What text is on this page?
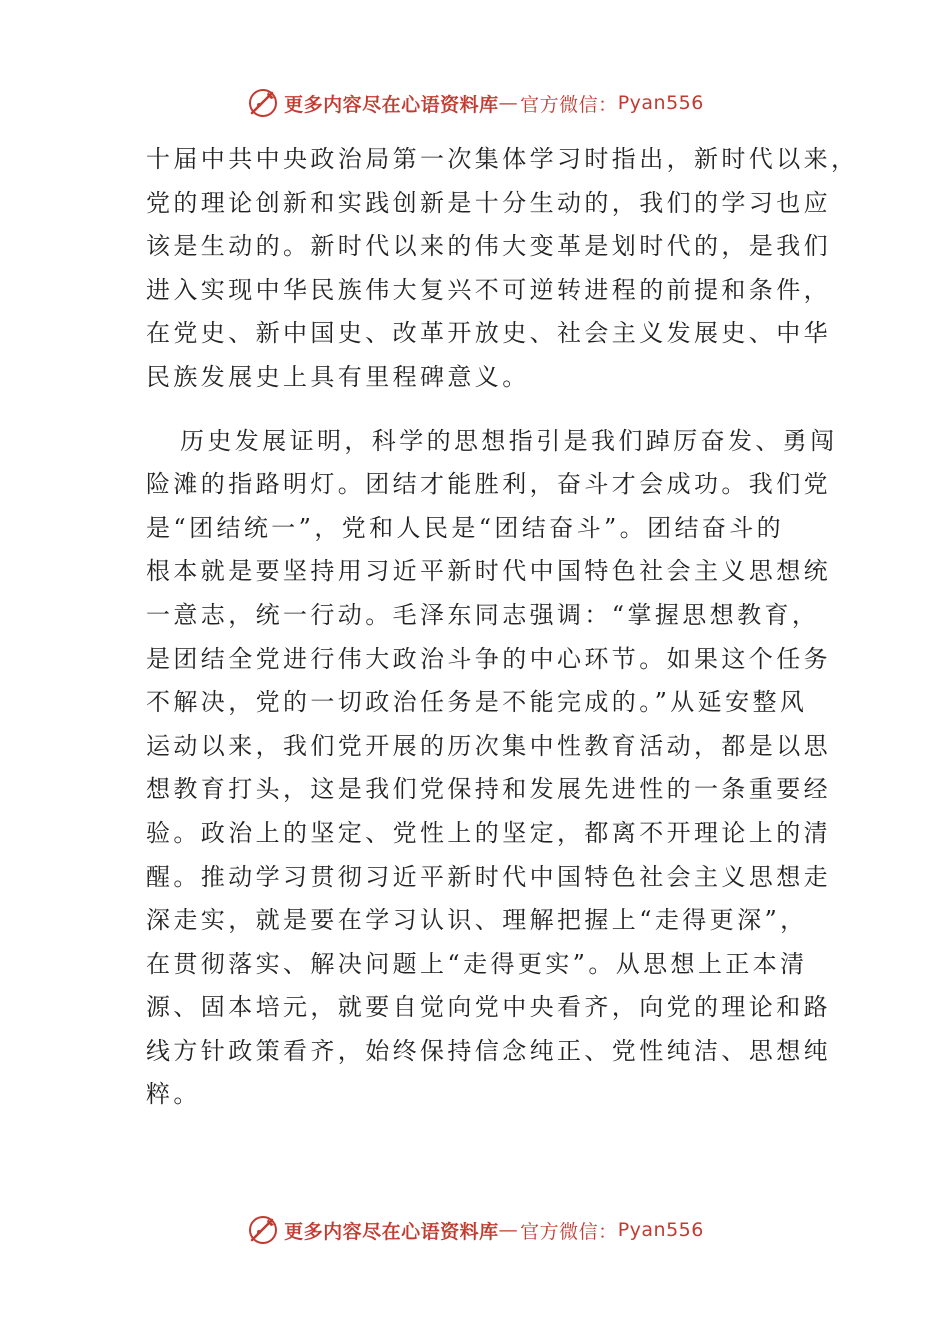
更多内容尽在心语资料库 — 官方微信： Pyan556

十届中共中央政治局第一次集体学习时指出，新时代以来，
党的理论创新和实践创新是十分生动的，我们的学习也应
该是生动的。新时代以来的伟大变革是划时代的，是我们
进入实现中华民族伟大复兴不可逆转进程的前提和条件，
在党史、新中国史、改革开放史、社会主义发展史、中华
民族发展史上具有里程碑意义。

历史发展证明，科学的思想指引是我们踔厉奋发、勇闯
险滩的指路明灯。团结才能胜利，奋斗才会成功。我们党
是“团结统一”，党和人民是“团结奋斗”。团结奋斗的
根本就是要坚持用习近平新时代中国特色社会主义思想统
一意志，统一行动。毛泽东同志强调：“掌握思想教育，
是团结全党进行伟大政治斗争的中心环节。如果这个任务
不解决，党的一切政治任务是不能完成的。”从延安整风
运动以来，我们党开展的历次集中性教育活动，都是以思
想教育打头，这是我们党保持和发展先进性的一条重要经
验。政治上的坚定、党性上的坚定，都离不开理论上的清
醒。推动学习贯彻习近平新时代中国特色社会主义思想走
深走实，就是要在学习认识、理解把握上“走得更深”，
在贯彻落实、解决问题上“走得更实”。从思想上正本清
源、固本培元，就要自觉向党中央看齐，向党的理论和路
线方针政策看齐，始终保持信念纯正、党性纯洁、思想纯
粹。

更多内容尽在心语资料库 — 官方微信： Pyan556
